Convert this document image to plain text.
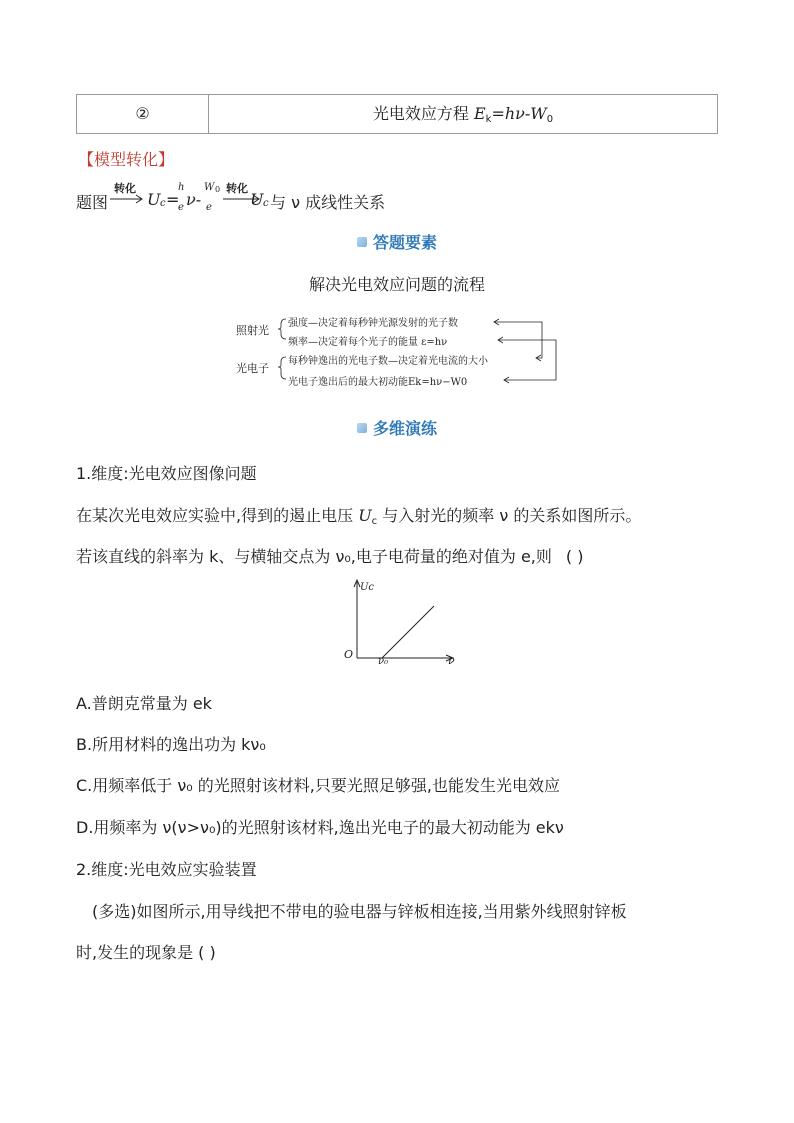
②	光电效应方程 $E_k=h\nu-W_0$
【模型转化】
题图
转化
U c =
h
e ν-
W 0
e
转化
U c 与 ν 成线性关系
答题要素
解决光电效应问题的流程
照射光
强度—决定着每秒钟光源发射的光子数
频率—决定着每个光子的能量 ε=hν
光电子
每秒钟逸出的光电子数—决定着光电流的大小
光电子逸出后的最大初动能Ek=hν−W0
多维演练
1.维度:光电效应图像问题
在某次光电效应实验中,得到的遏止电压 $U_c$ 与入射光的频率 ν 的关系如图所示。
若该直线的斜率为 k、与横轴交点为 ν₀,电子电荷量的绝对值为 e,则 ( )
Uc
O
ν₀	ν
A.普朗克常量为 ek
B.所用材料的逸出功为 kν₀
C.用频率低于 ν₀ 的光照射该材料,只要光照足够强,也能发生光电效应
D.用频率为 ν(ν>ν₀)的光照射该材料,逸出光电子的最大初动能为 ekν
2.维度:光电效应实验装置
(多选)如图所示,用导线把不带电的验电器与锌板相连接,当用紫外线照射锌板
时,发生的现象是 ( )
